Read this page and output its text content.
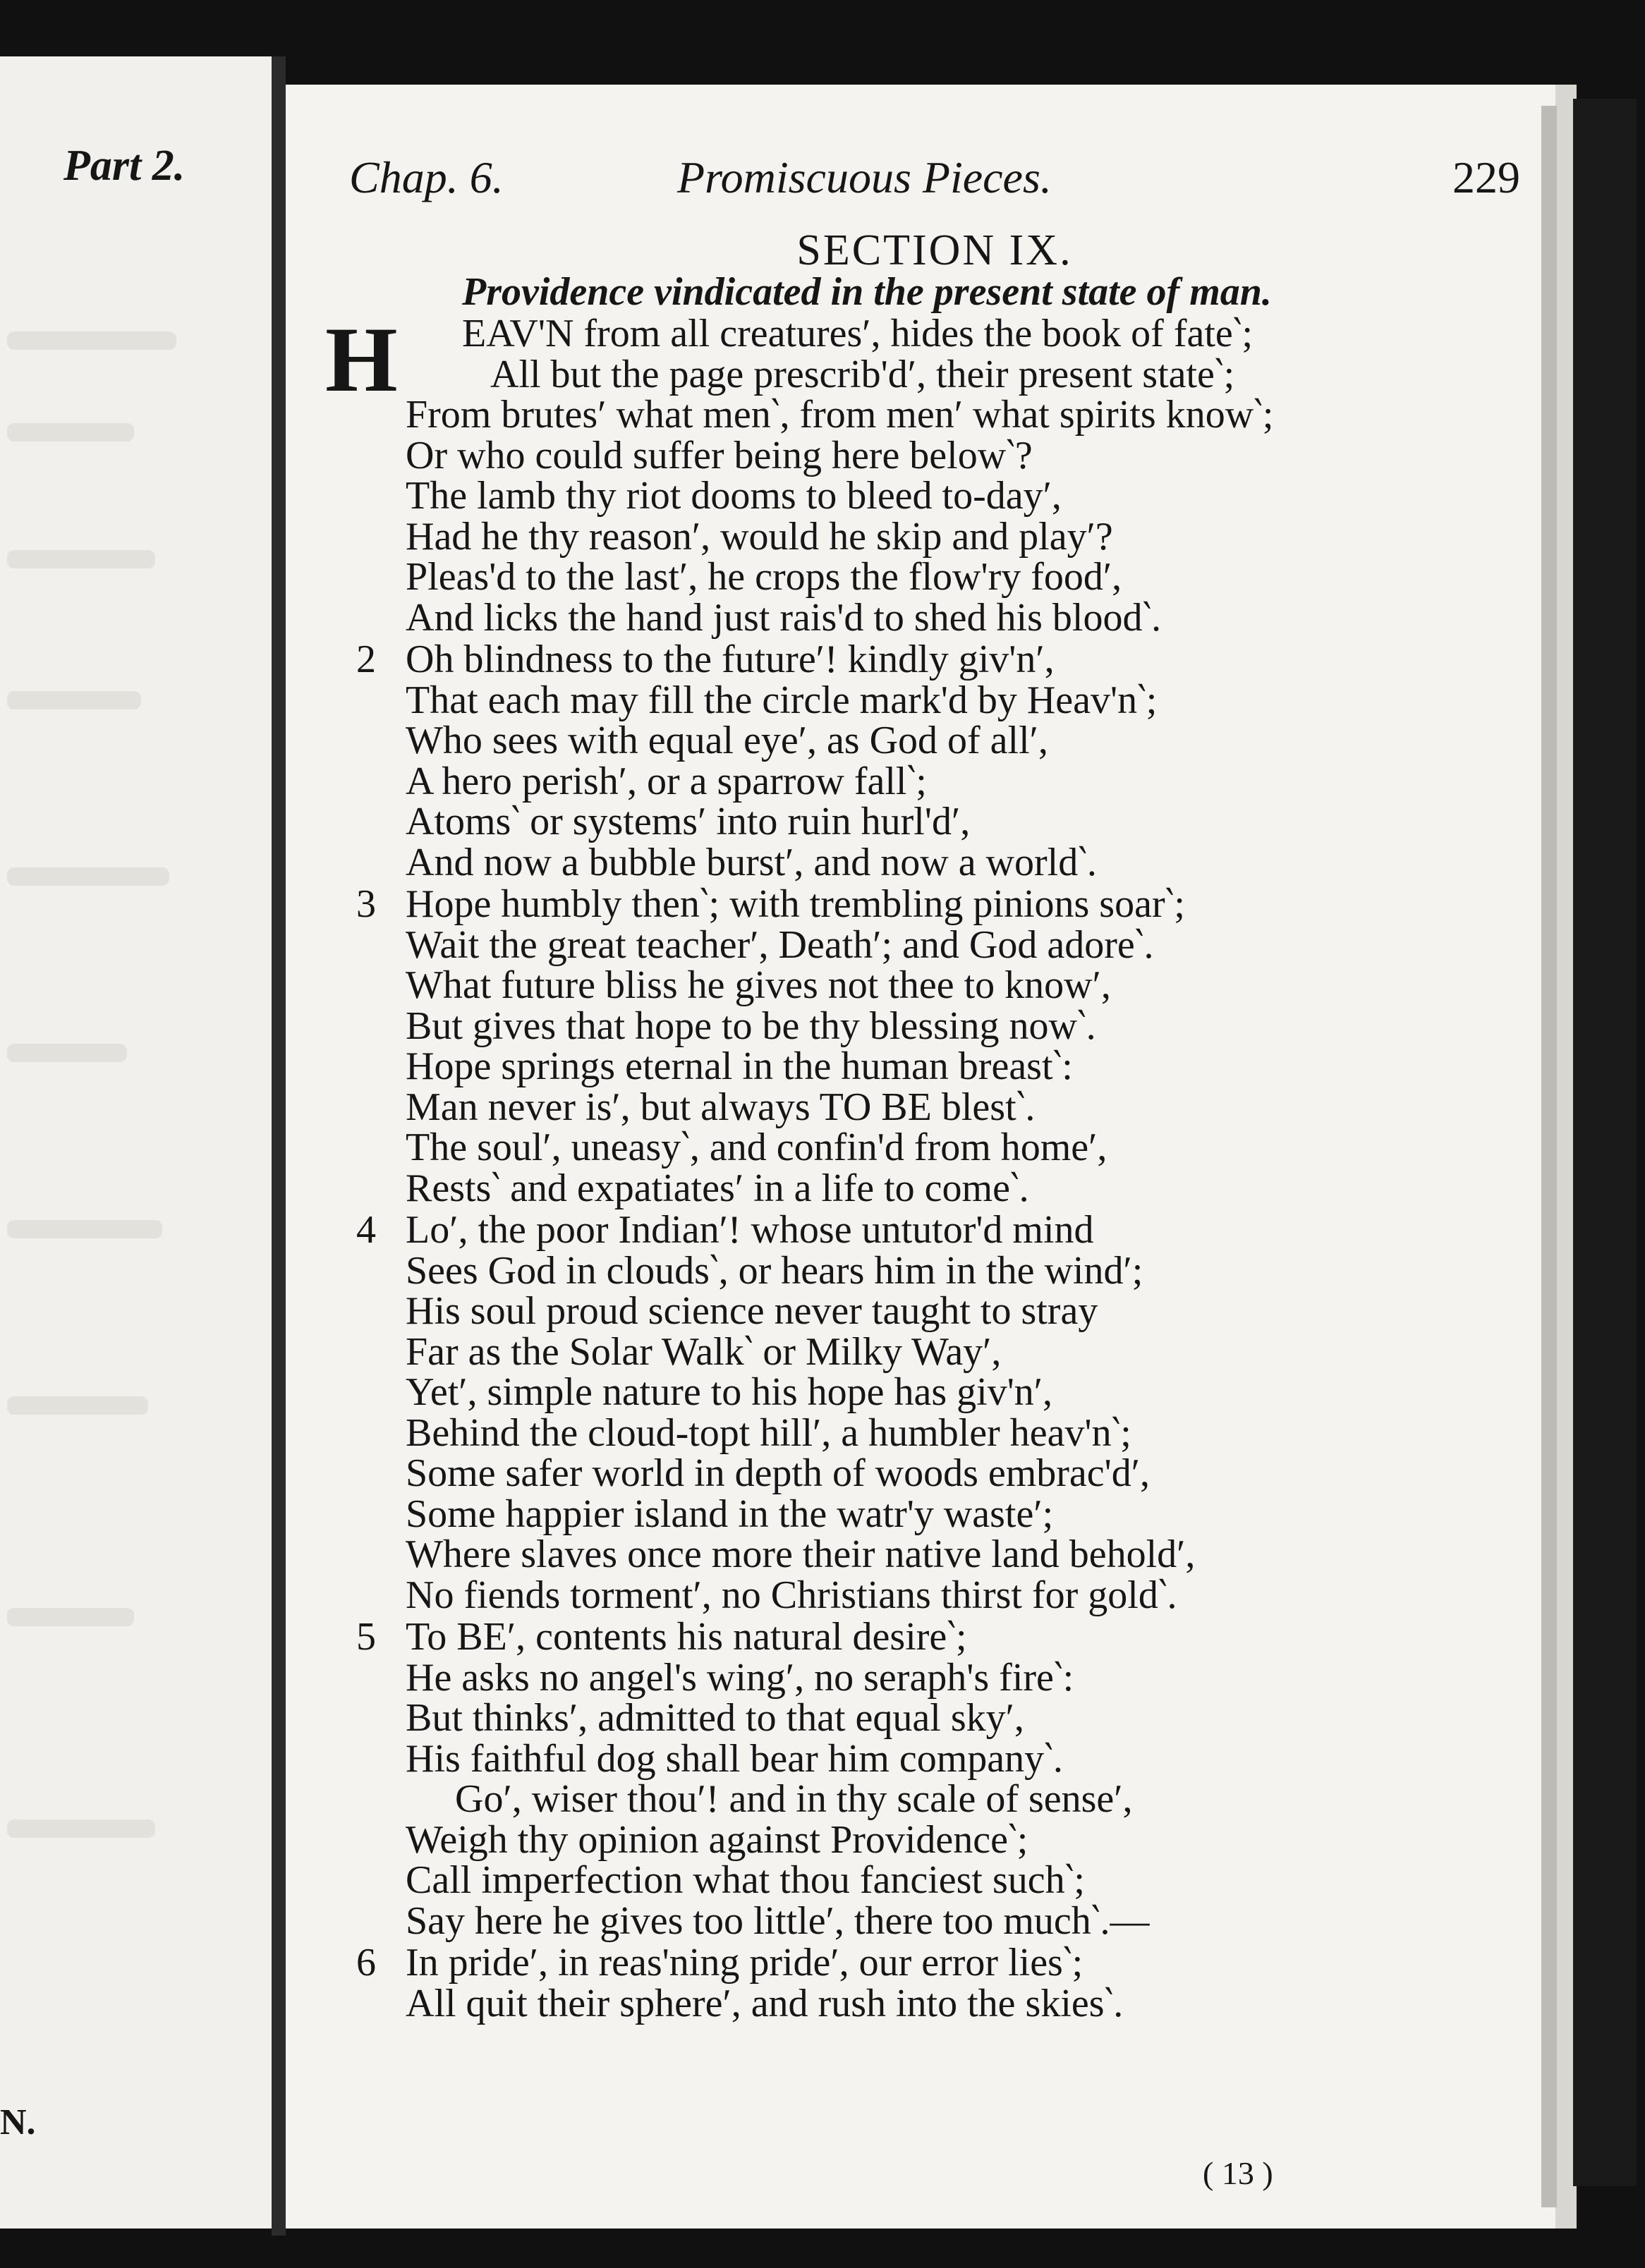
Part 2.
N.
Chap. 6.	Promiscuous Pieces.	229
SECTION IX.
Providence vindicated in the present state of man.
H	EAV'N from all creatures′, hides the book of fate‵;
All but the page prescrib'd′, their present state‵;
From brutes′ what men‵, from men′ what spirits know‵;
Or who could suffer being here below‵?
The lamb thy riot dooms to bleed to-day′,
Had he thy reason′, would he skip and play′?
Pleas'd to the last′, he crops the flow'ry food′,
And licks the hand just rais'd to shed his blood‵.
2 Oh blindness to the future′! kindly giv'n′,
That each may fill the circle mark'd by Heav'n‵;
Who sees with equal eye′, as God of all′,
A hero perish′, or a sparrow fall‵;
Atoms‵ or systems′ into ruin hurl'd′,
And now a bubble burst′, and now a world‵.
3 Hope humbly then‵; with trembling pinions soar‵;
Wait the great teacher′, Death′; and God adore‵.
What future bliss he gives not thee to know′,
But gives that hope to be thy blessing now‵.
Hope springs eternal in the human breast‵:
Man never is′, but always TO BE blest‵.
The soul′, uneasy‵, and confin'd from home′,
Rests‵ and expatiates′ in a life to come‵.
4 Lo′, the poor Indian′! whose untutor'd mind
Sees God in clouds‵, or hears him in the wind′;
His soul proud science never taught to stray
Far as the Solar Walk‵ or Milky Way′,
Yet′, simple nature to his hope has giv'n′,
Behind the cloud-topt hill′, a humbler heav'n‵;
Some safer world in depth of woods embrac'd′,
Some happier island in the watr'y waste′;
Where slaves once more their native land behold′,
No fiends torment′, no Christians thirst for gold‵.
5 To BE′, contents his natural desire‵;
He asks no angel's wing′, no seraph's fire‵:
But thinks′, admitted to that equal sky′,
His faithful dog shall bear him company‵.
Go′, wiser thou′! and in thy scale of sense′,
Weigh thy opinion against Providence‵;
Call imperfection what thou fanciest such‵;
Say here he gives too little′, there too much‵.—
6 In pride′, in reas'ning pride′, our error lies‵;
All quit their sphere′, and rush into the skies‵.
( 13 )
